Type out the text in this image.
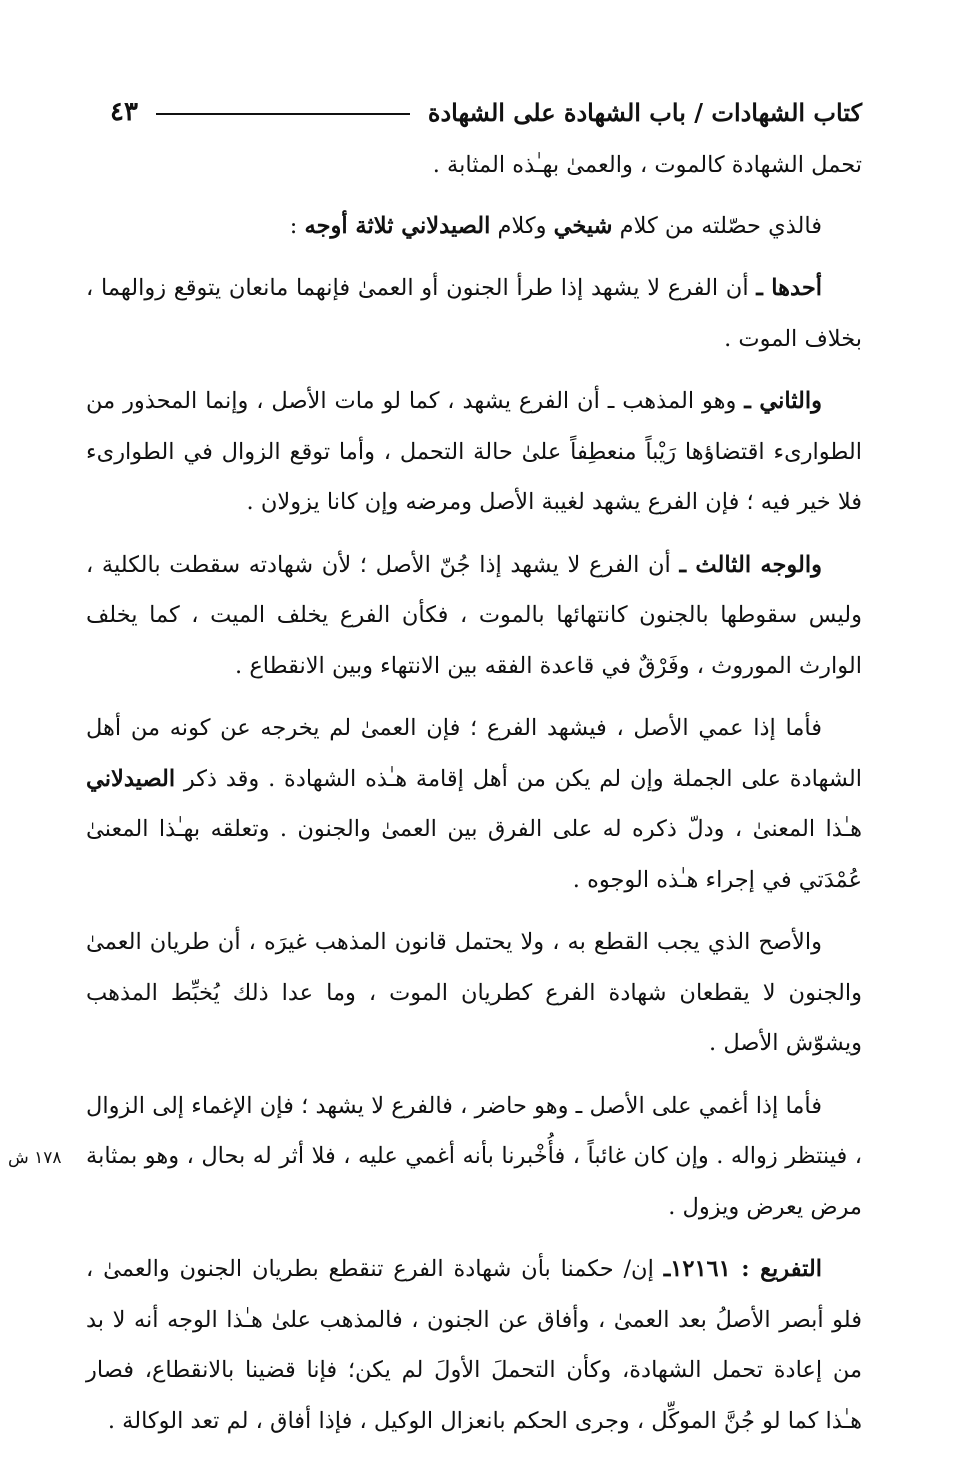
كتاب الشهادات / باب الشهادة على الشهادة
٤٣

تحمل الشهادة كالموت ، والعمىٰ بهـٰذه المثابة .

فالذي حصّلته من كلام شيخي وكلام الصيدلاني ثلاثة أوجه :

أحدها ـ أن الفرع لا يشهد إذا طرأ الجنون أو العمىٰ فإنهما مانعان يتوقع زوالهما ، بخلاف الموت .

والثاني ـ وهو المذهب ـ أن الفرع يشهد ، كما لو مات الأصل ، وإنما المحذور من الطوارىء اقتضاؤها رَيْباً منعطِفاً علىٰ حالة التحمل ، وأما توقع الزوال في الطوارىء فلا خير فيه ؛ فإن الفرع يشهد لغيبة الأصل ومرضه وإن كانا يزولان .

والوجه الثالث ـ أن الفرع لا يشهد إذا جُنّ الأصل ؛ لأن شهادته سقطت بالكلية ، وليس سقوطها بالجنون كانتهائها بالموت ، فكأن الفرع يخلف الميت ، كما يخلف الوارث الموروث ، وفَرْقٌ في قاعدة الفقه بين الانتهاء وبين الانقطاع .

فأما إذا عمي الأصل ، فيشهد الفرع ؛ فإن العمىٰ لم يخرجه عن كونه من أهل الشهادة على الجملة وإن لم يكن من أهل إقامة هـٰذه الشهادة . وقد ذكر الصيدلاني هـٰذا المعنىٰ ، ودلّ ذكره له على الفرق بين العمىٰ والجنون . وتعلقه بهـٰذا المعنىٰ عُمْدَتي في إجراء هـٰذه الوجوه .

والأصح الذي يجب القطع به ، ولا يحتمل قانون المذهب غيرَه ، أن طريان العمىٰ والجنون لا يقطعان شهادة الفرع كطريان الموت ، وما عدا ذلك يُخبِّط المذهب ويشوّش الأصل .

فأما إذا أغمي على الأصل ـ وهو حاضر ، فالفرع لا يشهد ؛ فإن الإغماء إلى الزوال ، فينتظر زواله . وإن كان غائباً ، فأُخْبرنا بأنه أغمي عليه ، فلا أثر له بحال ، وهو بمثابة مرض يعرض ويزول .

التفريع : ١٢١٦١ـ إن/ حكمنا بأن شهادة الفرع تنقطع بطريان الجنون والعمىٰ ، فلو أبصر الأصلُ بعد العمىٰ ، وأفاق عن الجنون ، فالمذهب علىٰ هـٰذا الوجه أنه لا بد من إعادة تحمل الشهادة، وكأن التحملَ الأولَ لم يكن؛ فإنا قضينا بالانقطاع، فصار هـٰذا كما لو جُنَّ الموكِّل ، وجرى الحكم بانعزال الوكيل ، فإذا أفاق ، لم تعد الوكالة .

١٧٨ ش
